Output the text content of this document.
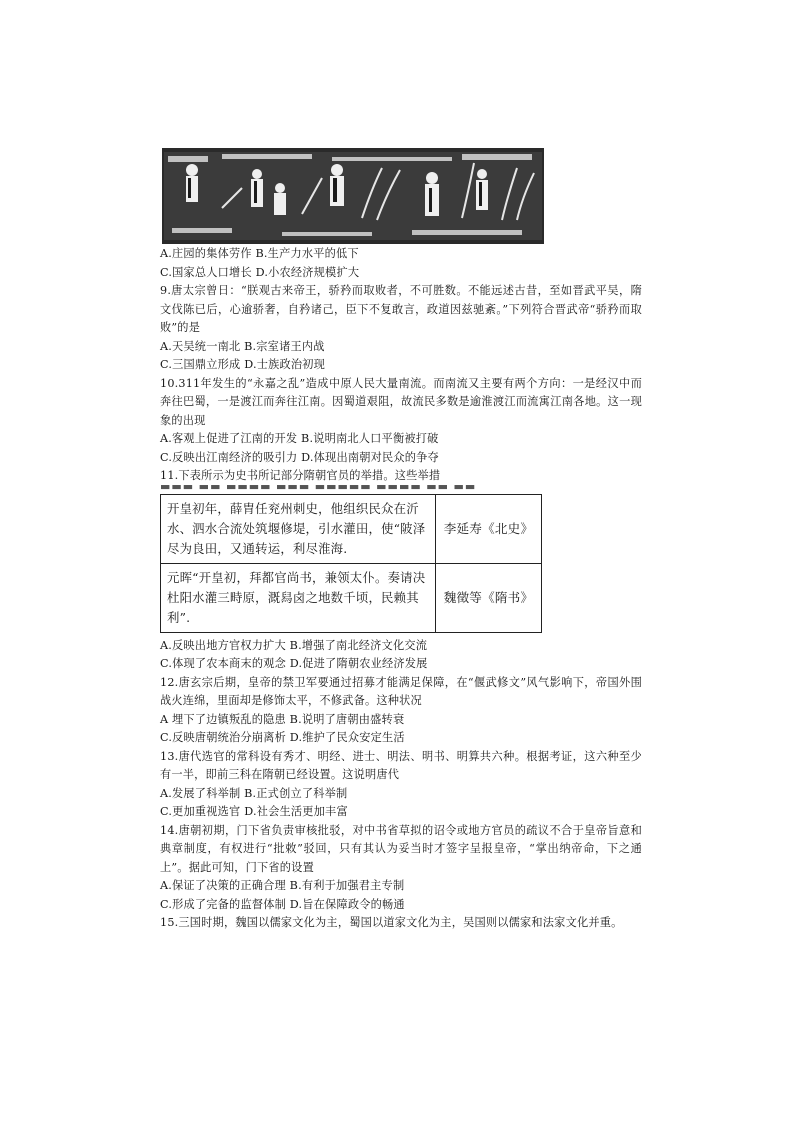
A.庄园的集体劳作 B.生产力水平的低下
C.国家总人口增长 D.小农经济规模扩大
9.唐太宗曾日：“朕观古来帝王，骄矜而取败者，不可胜数。不能远述古昔，至如晋武平吴，隋文伐陈已后，心逾骄奢，自矜诸己，臣下不复敢言，政道因兹驰紊。”下列符合晋武帝“骄矜而取败”的是
A.天吴统一南北 B.宗室诸王内战
C.三国鼎立形成 D.士族政治初现
10.311年发生的“永嘉之乱”造成中原人民大量南流。而南流又主要有两个方向：一是经汉中而奔往巴蜀，一是渡江而奔往江南。因蜀道艰阻，故流民多数是逾淮渡江而流寓江南各地。这一现象的出现
A.客观上促进了江南的开发 B.说明南北人口平衡被打破
C.反映出江南经济的吸引力 D.体现出南朝对民众的争夺
11.下表所示为史书所记部分隋朝官员的举措。这些举措
▬▬▬ ▬▬ ▬▬▬▬ ▬▬▬ ▬▬▬▬▬ ▬▬▬▬ ▬▬ ▬▬
开皇初年，薛胄任兖州刺史，他组织民众在沂水、泗水合流处筑堰修堤，引水灌田，使“陂泽尽为良田，又通转运，利尽淮海.	李延寿《北史》
元晖“开皇初，拜都官尚书，兼领太仆。奏请决杜阳水灌三畤原，溉舄卤之地数千顷，民赖其利”.	魏徵等《隋书》
A.反映出地方官权力扩大 B.增强了南北经济文化交流
C.体现了农本商末的观念 D.促进了隋朝农业经济发展
12.唐玄宗后期，皇帝的禁卫军要通过招募才能满足保障，在“偃武修文”风气影响下，帝国外围战火连绵，里面却是修饰太平，不修武备。这种状况
A 埋下了边镇叛乱的隐患 B.说明了唐朝由盛转衰
C.反映唐朝统治分崩离析 D.维护了民众安定生活
13.唐代选官的常科设有秀才、明经、进士、明法、明书、明算共六种。根据考证，这六种至少有一半，即前三科在隋朝已经设置。这说明唐代
A.发展了科举制 B.正式创立了科举制
C.更加重视选官 D.社会生活更加丰富
14.唐朝初期，门下省负责审核批驳，对中书省草拟的诏令或地方官员的疏议不合于皇帝旨意和典章制度，有权进行“批敕”驳回，只有其认为妥当时才签字呈报皇帝，“掌出纳帝命，下之通上”。据此可知，门下省的设置
A.保证了决策的正确合理 B.有利于加强君主专制
C.形成了完备的监督体制 D.旨在保障政令的畅通
15.三国时期，魏国以儒家文化为主，蜀国以道家文化为主，吴国则以儒家和法家文化并重。
